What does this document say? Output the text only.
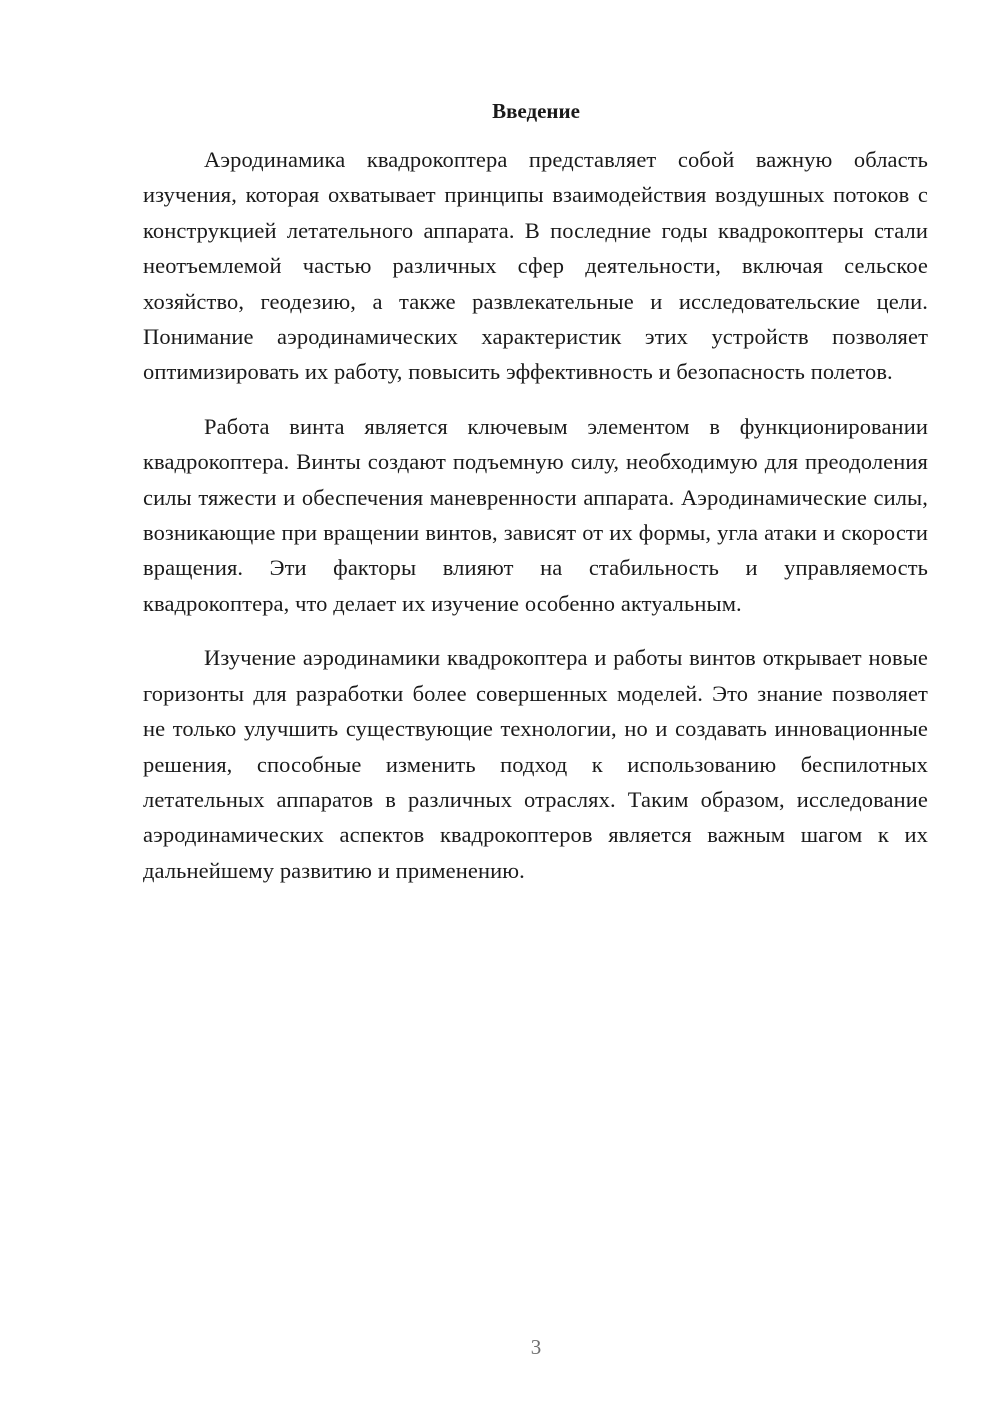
Введение

Аэродинамика квадрокоптера представляет собой важную область изучения, которая охватывает принципы взаимодействия воздушных потоков с конструкцией летательного аппарата. В последние годы квадрокоптеры стали неотъемлемой частью различных сфер деятельности, включая сельское хозяйство, геодезию, а также развлекательные и исследовательские цели. Понимание аэродинамических характеристик этих устройств позволяет оптимизировать их работу, повысить эффективность и безопасность полетов.

Работа винта является ключевым элементом в функционировании квадрокоптера. Винты создают подъемную силу, необходимую для преодоления силы тяжести и обеспечения маневренности аппарата. Аэродинамические силы, возникающие при вращении винтов, зависят от их формы, угла атаки и скорости вращения. Эти факторы влияют на стабильность и управляемость квадрокоптера, что делает их изучение особенно актуальным.

Изучение аэродинамики квадрокоптера и работы винтов открывает новые горизонты для разработки более совершенных моделей. Это знание позволяет не только улучшить существующие технологии, но и создавать инновационные решения, способные изменить подход к использованию беспилотных летательных аппаратов в различных отраслях. Таким образом, исследование аэродинамических аспектов квадрокоптеров является важным шагом к их дальнейшему развитию и применению.

3
